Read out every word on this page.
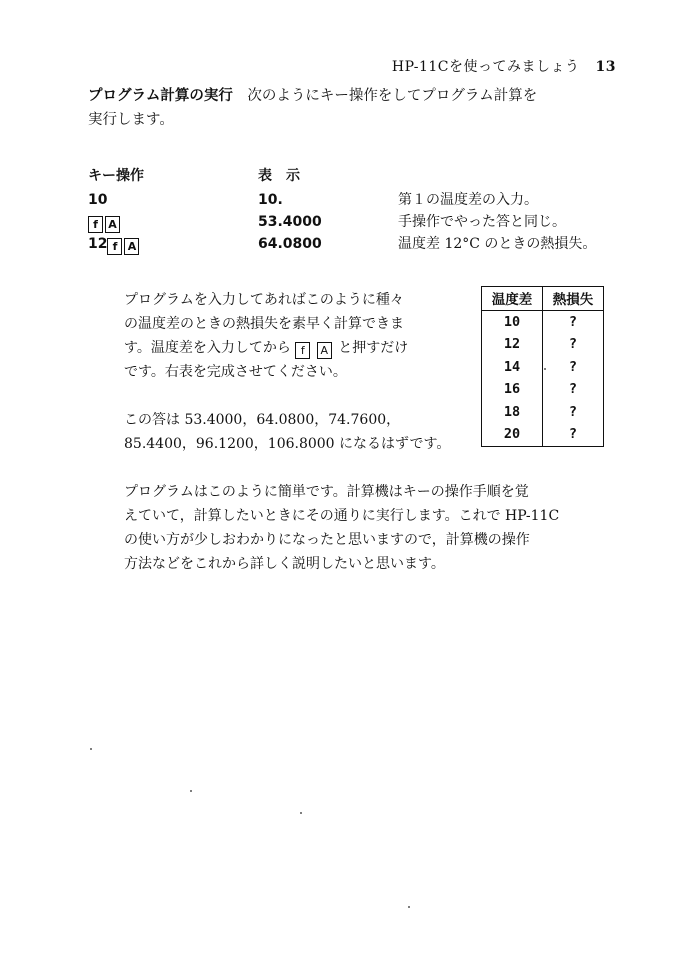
HP-11Cを使ってみましょう 13
プログラム計算の実行　 次のようにキー操作をしてプログラム計算を
実行します。
キー操作	表　示
10	10.	第１の温度差の入力。
f A	53.4000	手操作でやった答と同じ。
12 f A	64.0800	温度差 12°C のときの熱損失。
プログラムを入力してあればこのように種々
の温度差のときの熱損失を素早く計算できま
す。温度差を入力してから f A と押すだけ
です。右表を完成させてください。
この答は 53.4000，64.0800，74.7600，
85.4400，96.1200，106.8000 になるはずです。
温度差	熱損失
10	?
12	?
14	?
16	?
18	?
20	?
プログラムはこのように簡単です。計算機はキーの操作手順を覚
えていて，計算したいときにその通りに実行します。これで HP-11C
の使い方が少しおわかりになったと思いますので，計算機の操作
方法などをこれから詳しく説明したいと思います。
